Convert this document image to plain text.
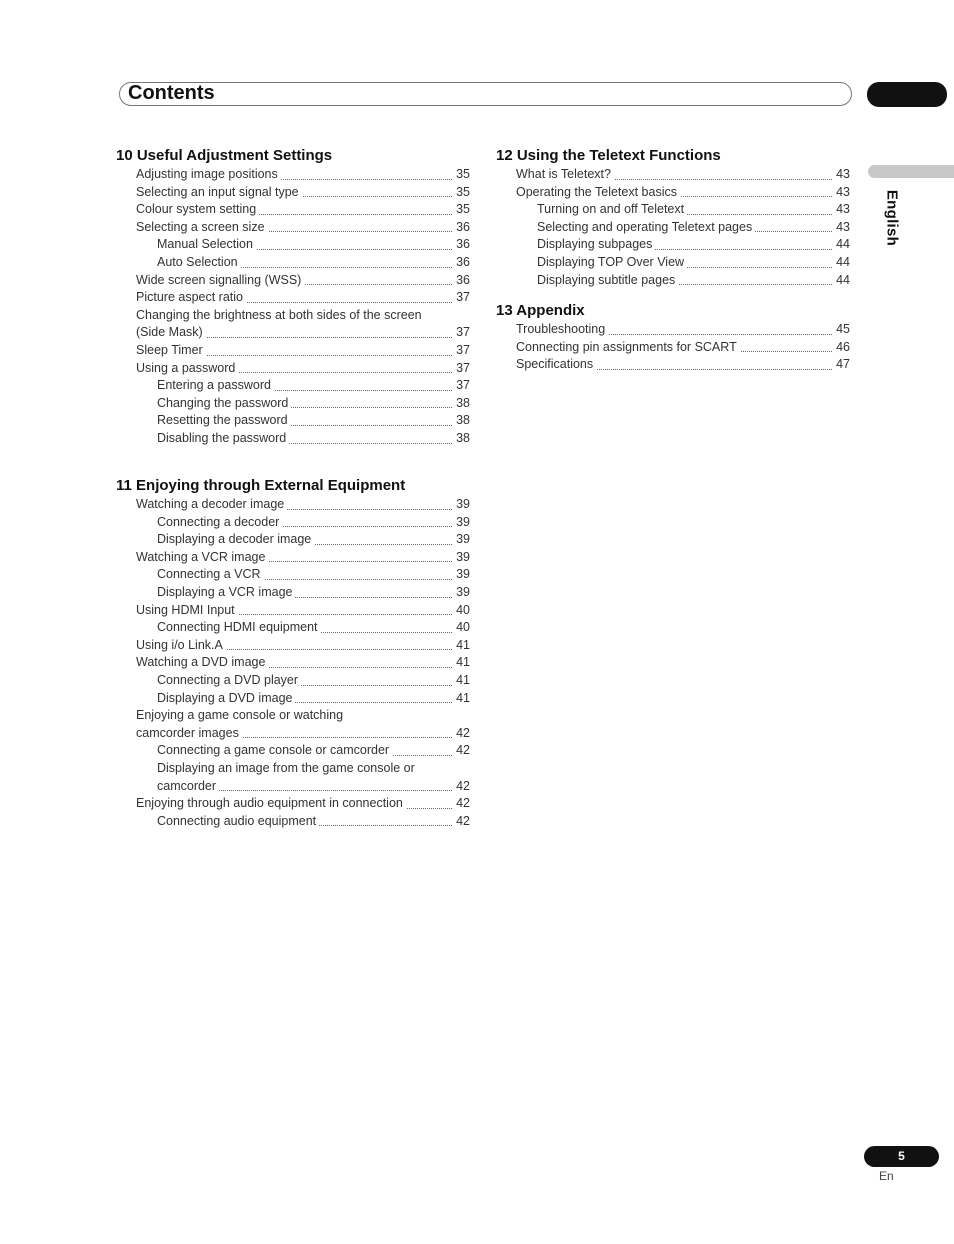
Contents
English
10 Useful Adjustment Settings
Adjusting image positions	35
Selecting an input signal type	35
Colour system setting	35
Selecting a screen size	36
Manual Selection	36
Auto Selection	36
Wide screen signalling (WSS)	36
Picture aspect ratio	37
Changing the brightness at both sides of the screen
(Side Mask)	37
Sleep Timer	37
Using a password	37
Entering a password	37
Changing the password	38
Resetting the password	38
Disabling the password	38
11 Enjoying through External Equipment
Watching a decoder image	39
Connecting a decoder	39
Displaying a decoder image	39
Watching a VCR image	39
Connecting a VCR	39
Displaying a VCR image	39
Using HDMI Input	40
Connecting HDMI equipment	40
Using i/o Link.A	41
Watching a DVD image	41
Connecting a DVD player	41
Displaying a DVD image	41
Enjoying a game console or watching
camcorder images	42
Connecting a game console or camcorder	42
Displaying an image from the game console or
camcorder	42
Enjoying through audio equipment in connection	42
Connecting audio equipment	42
12 Using the Teletext Functions
What is Teletext?	43
Operating the Teletext basics	43
Turning on and off Teletext	43
Selecting and operating Teletext pages	43
Displaying subpages	44
Displaying TOP Over View	44
Displaying subtitle pages	44
13 Appendix
Troubleshooting	45
Connecting pin assignments for SCART	46
Specifications	47
5
En
